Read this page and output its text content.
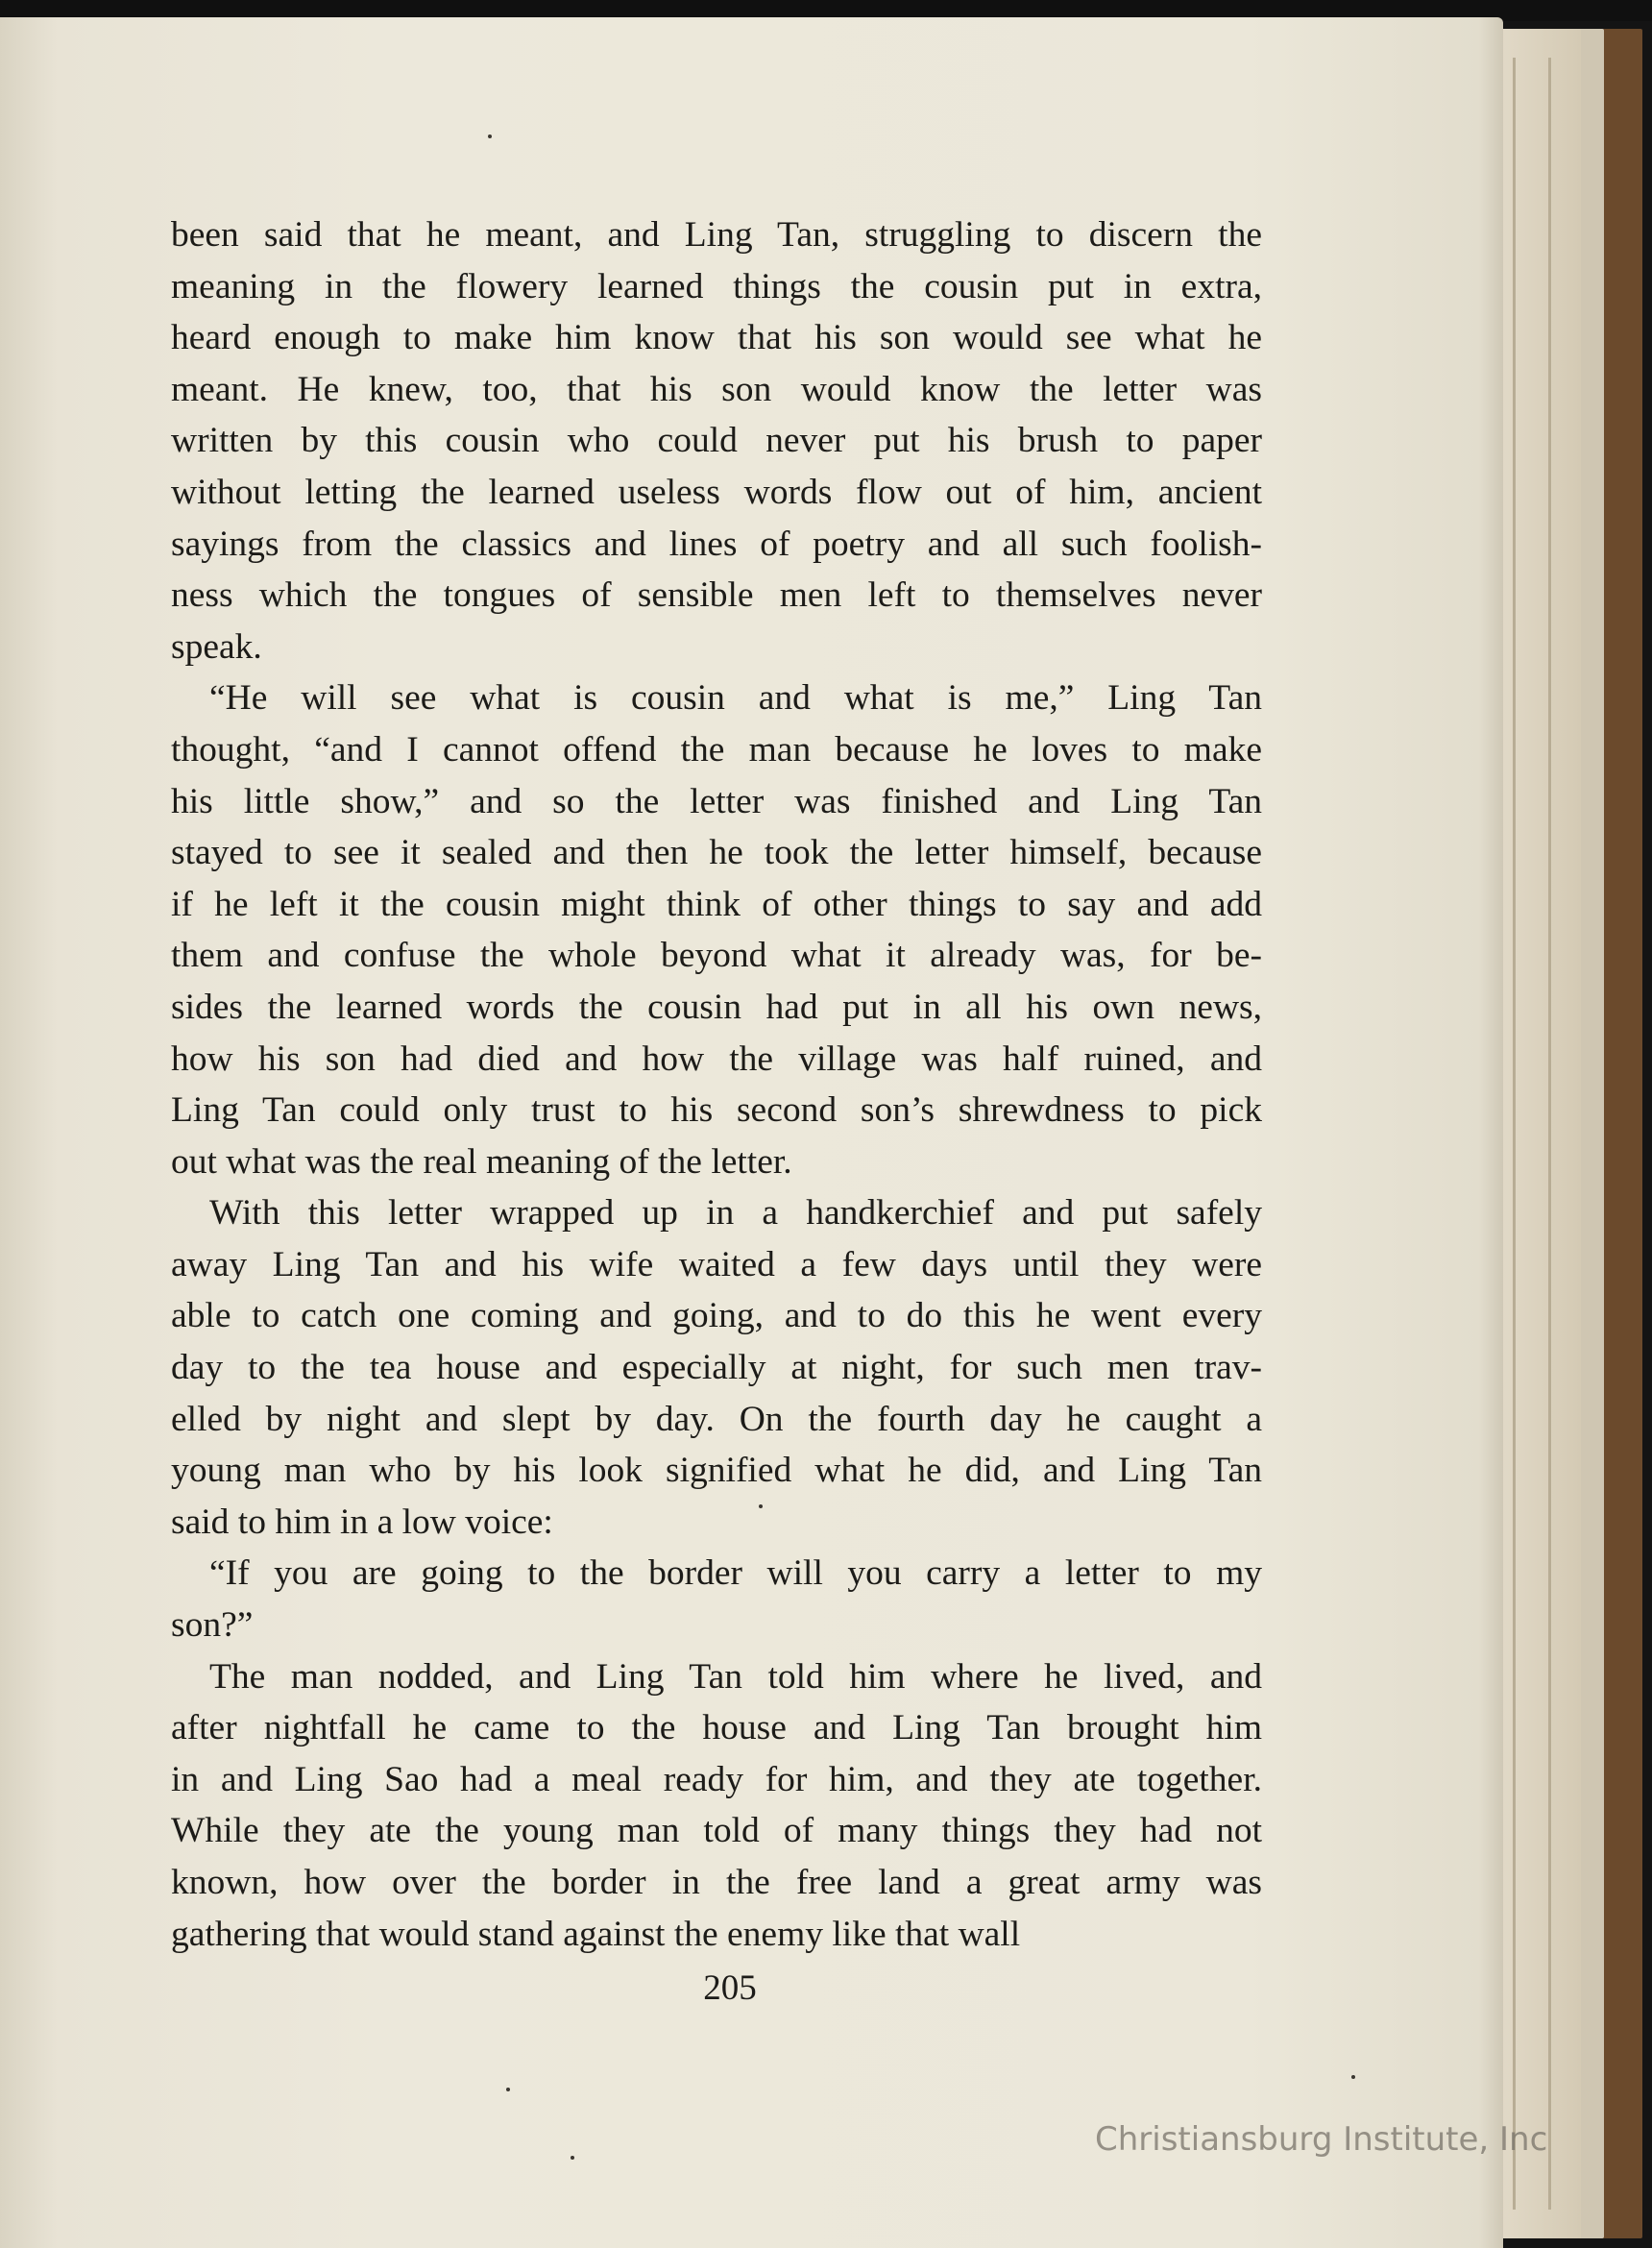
been said that he meant, and Ling Tan, struggling to discern the
meaning in the flowery learned things the cousin put in extra,
heard enough to make him know that his son would see what he
meant. He knew, too, that his son would know the letter was
written by this cousin who could never put his brush to paper
without letting the learned useless words flow out of him, ancient
sayings from the classics and lines of poetry and all such foolish-
ness which the tongues of sensible men left to themselves never
speak.
“He will see what is cousin and what is me,” Ling Tan
thought, “and I cannot offend the man because he loves to make
his little show,” and so the letter was finished and Ling Tan
stayed to see it sealed and then he took the letter himself, because
if he left it the cousin might think of other things to say and add
them and confuse the whole beyond what it already was, for be-
sides the learned words the cousin had put in all his own news,
how his son had died and how the village was half ruined, and
Ling Tan could only trust to his second son’s shrewdness to pick
out what was the real meaning of the letter.
With this letter wrapped up in a handkerchief and put safely
away Ling Tan and his wife waited a few days until they were
able to catch one coming and going, and to do this he went every
day to the tea house and especially at night, for such men trav-
elled by night and slept by day. On the fourth day he caught a
young man who by his look signified what he did, and Ling Tan
said to him in a low voice:
“If you are going to the border will you carry a letter to my
son?”
The man nodded, and Ling Tan told him where he lived, and
after nightfall he came to the house and Ling Tan brought him
in and Ling Sao had a meal ready for him, and they ate together.
While they ate the young man told of many things they had not
known, how over the border in the free land a great army was
gathering that would stand against the enemy like that wall
205
Christiansburg Institute, Inc
